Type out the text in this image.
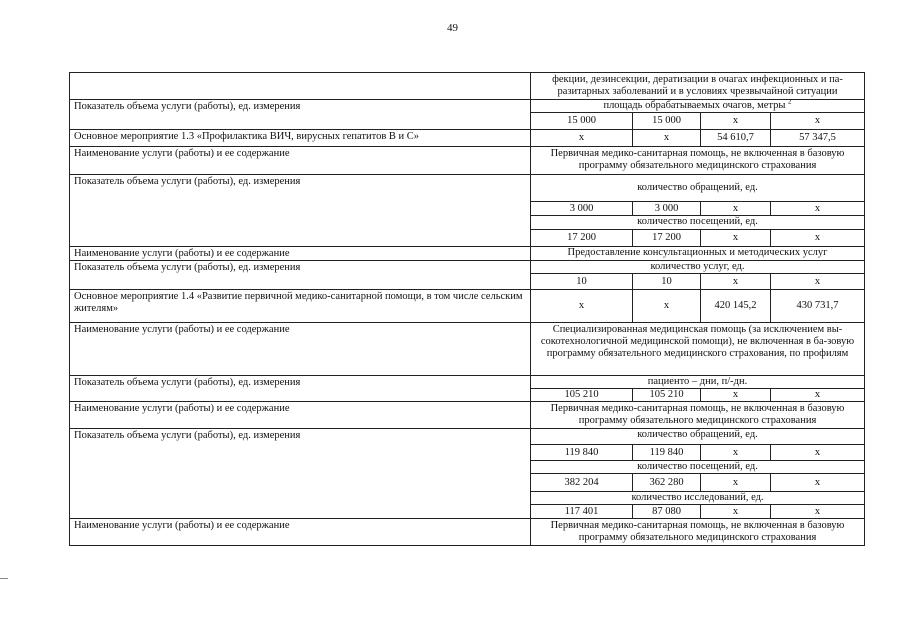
49
	фекции, дезинсекции, дератизации в очагах инфекционных и па-разитарных заболеваний и в условиях чрезвычайной ситуации			
Показатель объема услуги (работы), ед. измерения	площадь обрабатываемых очагов, метры $^2$
	15 000	15 000	х	х
Основное мероприятие 1.3 «Профилактика ВИЧ, вирусных гепатитов В и С»	х	х	54 610,7	57 347,5
Наименование услуги (работы) и ее содержание	Первичная медико-санитарная помощь, не включенная в базовую программу обязательного медицинского страхования			
Показатель объема услуги (работы), ед. измерения	количество обращений, ед.			
	3 000	3 000	х	х
	количество посещений, ед.			
	17 200	17 200	х	х
Наименование услуги (работы) и ее содержание	Предоставление консультационных и методических услуг			
Показатель объема услуги (работы), ед. измерения	количество услуг, ед.			
	10	10	х	х
Основное мероприятие 1.4 «Развитие первичной медико-санитарной помощи, в том числе сельским жителям»	х	х	420 145,2	430 731,7
Наименование услуги (работы) и ее содержание	Специализированная медицинская помощь (за исключением вы-сокотехнологичной медицинской помощи), не включенная в ба-зовую программу обязательного медицинского страхования, по профилям			
Показатель объема услуги (работы), ед. измерения	пациенто – дни, п/-дн.			
	105 210	105 210	х	х
Наименование услуги (работы) и ее содержание	Первичная медико-санитарная помощь, не включенная в базовую программу обязательного медицинского страхования			
Показатель объема услуги (работы), ед. измерения	количество обращений, ед.			
	119 840	119 840	х	х
	количество посещений, ед.			
	382 204	362 280	х	х
	количество исследований, ед.			
	117 401	87 080	х	х
Наименование услуги (работы) и ее содержание	Первичная медико-санитарная помощь, не включенная в базовую программу обязательного медицинского страхования			
